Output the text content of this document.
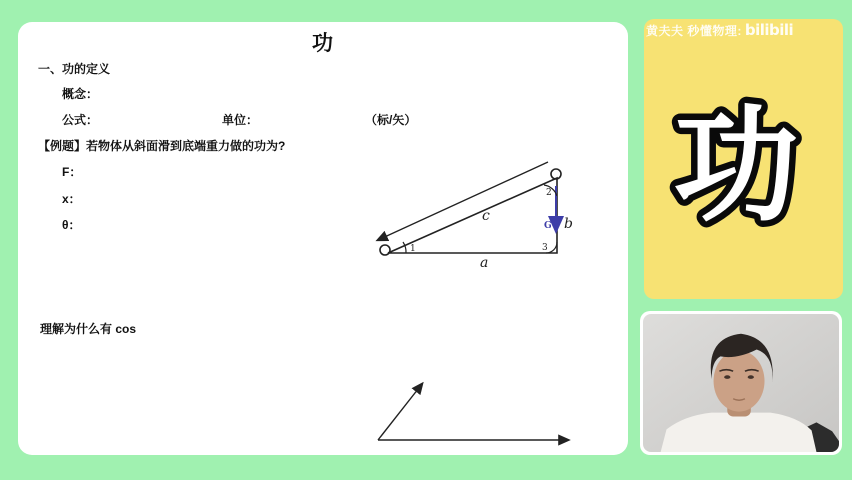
功
一、功的定义
概念：
公式：	单位：	（标/矢）
【例题】若物体从斜面滑到底端重力做的功为?
F：
x：
θ：
理解为什么有 cos
c
a
b
G
1
2
3
黄夫夫 秒懂物理: bilibili
功
